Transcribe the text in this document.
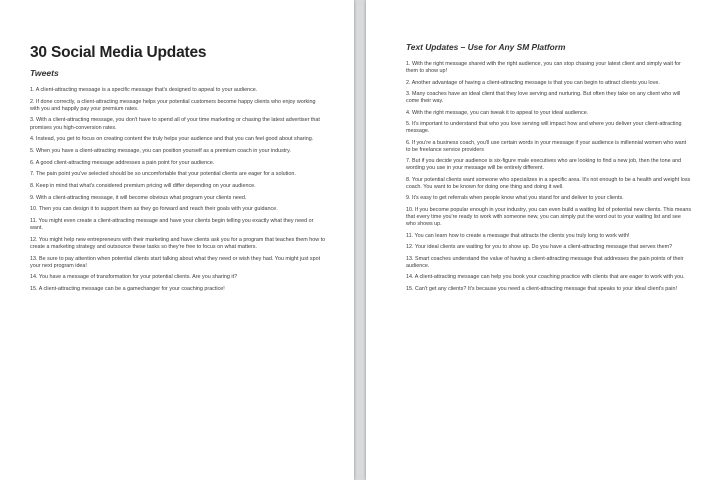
30 Social Media Updates
Tweets
1. A client-attracting message is a specific message that's designed to appeal to your audience.
2. If done correctly, a client-attracting message helps your potential customers become happy clients who enjoy working with you and happily pay your premium rates.
3. With a client-attracting message, you don't have to spend all of your time marketing or chasing the latest advertiser that promises you high-conversion rates.
4. Instead, you get to focus on creating content the truly helps your audience and that you can feel good about sharing.
5. When you have a client-attracting message, you can position yourself as a premium coach in your industry.
6. A good client-attracting message addresses a pain point for your audience.
7. The pain point you've selected should be so uncomfortable that your potential clients are eager for a solution.
8. Keep in mind that what's considered premium pricing will differ depending on your audience.
9. With a client-attracting message, it will become obvious what program your clients need.
10. Then you can design it to support them as they go forward and reach their goals with your guidance.
11. You might even create a client-attracting message and have your clients begin telling you exactly what they need or want.
12. You might help new entrepreneurs with their marketing and have clients ask you for a program that teaches them how to create a marketing strategy and outsource these tasks so they're free to focus on what matters.
13. Be sure to pay attention when potential clients start talking about what they need or wish they had. You might just spot your next program idea!
14. You have a message of transformation for your potential clients. Are you sharing it?
15. A client-attracting message can be a gamechanger for your coaching practice!
Text Updates – Use for Any SM Platform
1. With the right message shared with the right audience, you can stop chasing your latest client and simply wait for them to show up!
2. Another advantage of having a client-attracting message is that you can begin to attract clients you love.
3. Many coaches have an ideal client that they love serving and nurturing. But often they take on any client who will come their way.
4. With the right message, you can tweak it to appeal to your ideal audience.
5. It's important to understand that who you love serving will impact how and where you deliver your client-attracting message.
6. If you're a business coach, you'll use certain words in your message if your audience is millennial women who want to be freelance service providers
7. But if you decide your audience is six-figure male executives who are looking to find a new job, then the tone and wording you use in your message will be entirely different.
8. Your potential clients want someone who specializes in a specific area. It's not enough to be a health and weight loss coach. You want to be known for doing one thing and doing it well.
9. It's easy to get referrals when people know what you stand for and deliver to your clients.
10. If you become popular enough in your industry, you can even build a waiting list of potential new clients. This means that every time you're ready to work with someone new, you can simply put the word out to your waiting list and see who shows up.
11. You can learn how to create a message that attracts the clients you truly long to work with!
12. Your ideal clients are waiting for you to show up. Do you have a client-attracting message that serves them?
13. Smart coaches understand the value of having a client-attracting message that addresses the pain points of their audience.
14. A client-attracting message can help you book your coaching practice with clients that are eager to work with you.
15. Can't get any clients? It's because you need a client-attracting message that speaks to your ideal client's pain!
